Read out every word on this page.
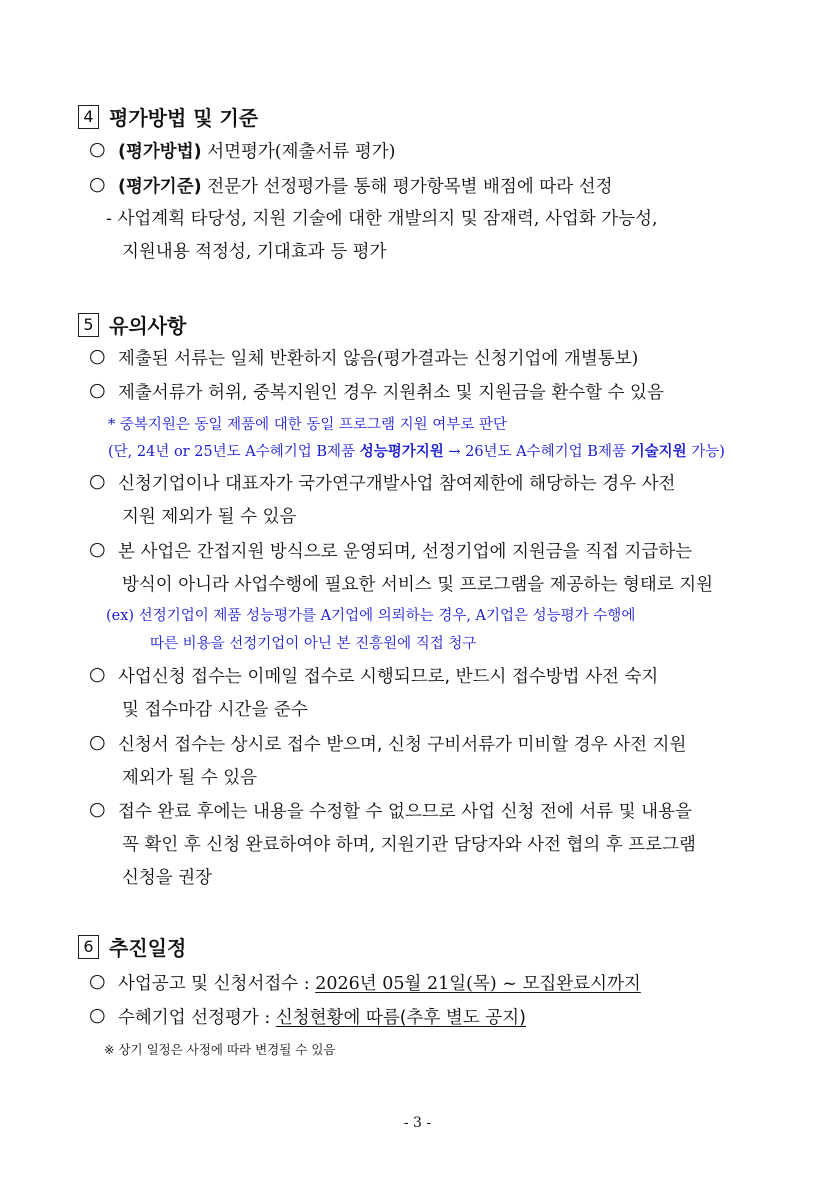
4 평가방법 및 기준
○ (평가방법) 서면평가(제출서류 평가)
○ (평가기준) 전문가 선정평가를 통해 평가항목별 배점에 따라 선정
- 사업계획 타당성, 지원 기술에 대한 개발의지 및 잠재력, 사업화 가능성,
지원내용 적정성, 기대효과 등 평가
5 유의사항
○ 제출된 서류는 일체 반환하지 않음(평가결과는 신청기업에 개별통보)
○ 제출서류가 허위, 중복지원인 경우 지원취소 및 지원금을 환수할 수 있음
* 중복지원은 동일 제품에 대한 동일 프로그램 지원 여부로 판단
(단, 24년 or 25년도 A수혜기업 B제품 성능평가지원 → 26년도 A수혜기업 B제품 기술지원 가능)
○ 신청기업이나 대표자가 국가연구개발사업 참여제한에 해당하는 경우 사전
지원 제외가 될 수 있음
○ 본 사업은 간접지원 방식으로 운영되며, 선정기업에 지원금을 직접 지급하는
방식이 아니라 사업수행에 필요한 서비스 및 프로그램을 제공하는 형태로 지원
(ex) 선정기업이 제품 성능평가를 A기업에 의뢰하는 경우, A기업은 성능평가 수행에
따른 비용을 선정기업이 아닌 본 진흥원에 직접 청구
○ 사업신청 접수는 이메일 접수로 시행되므로, 반드시 접수방법 사전 숙지
및 접수마감 시간을 준수
○ 신청서 접수는 상시로 접수 받으며, 신청 구비서류가 미비할 경우 사전 지원
제외가 될 수 있음
○ 접수 완료 후에는 내용을 수정할 수 없으므로 사업 신청 전에 서류 및 내용을
꼭 확인 후 신청 완료하여야 하며, 지원기관 담당자와 사전 협의 후 프로그램
신청을 권장
6 추진일정
○ 사업공고 및 신청서접수 : 2026년 05월 21일(목) ~ 모집완료시까지
○ 수혜기업 선정평가 : 신청현황에 따름(추후 별도 공지)
※ 상기 일정은 사정에 따라 변경될 수 있음
- 3 -
